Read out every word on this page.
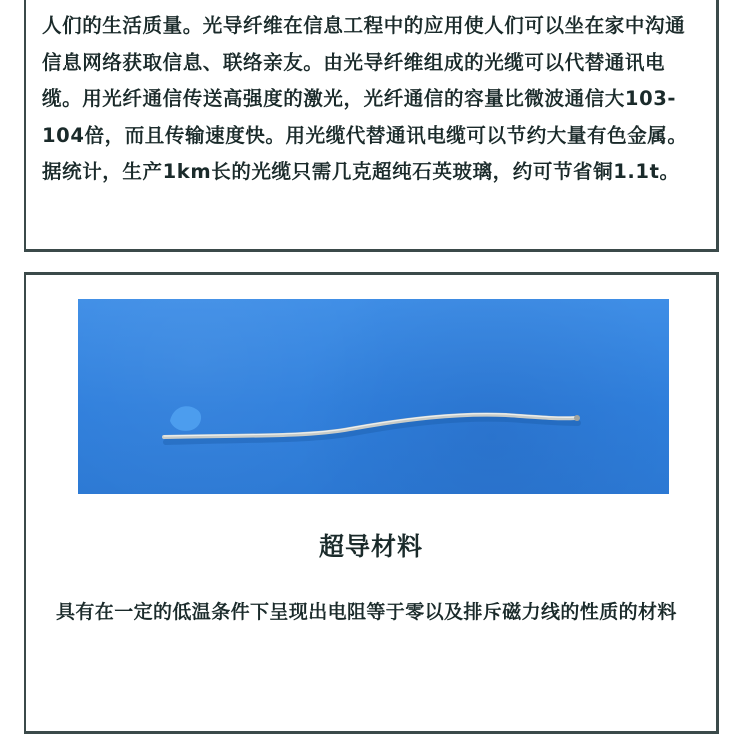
人们的生活质量。光导纤维在信息工程中的应用使人们可以坐在家中沟通信息网络获取信息、联络亲友。由光导纤维组成的光缆可以代替通讯电缆。用光纤通信传送高强度的激光，光纤通信的容量比微波通信大103-104倍，而且传输速度快。用光缆代替通讯电缆可以节约大量有色金属。据统计，生产1km长的光缆只需几克超纯石英玻璃，约可节省铜1.1t。

超导材料

具有在一定的低温条件下呈现出电阻等于零以及排斥磁力线的性质的材料
